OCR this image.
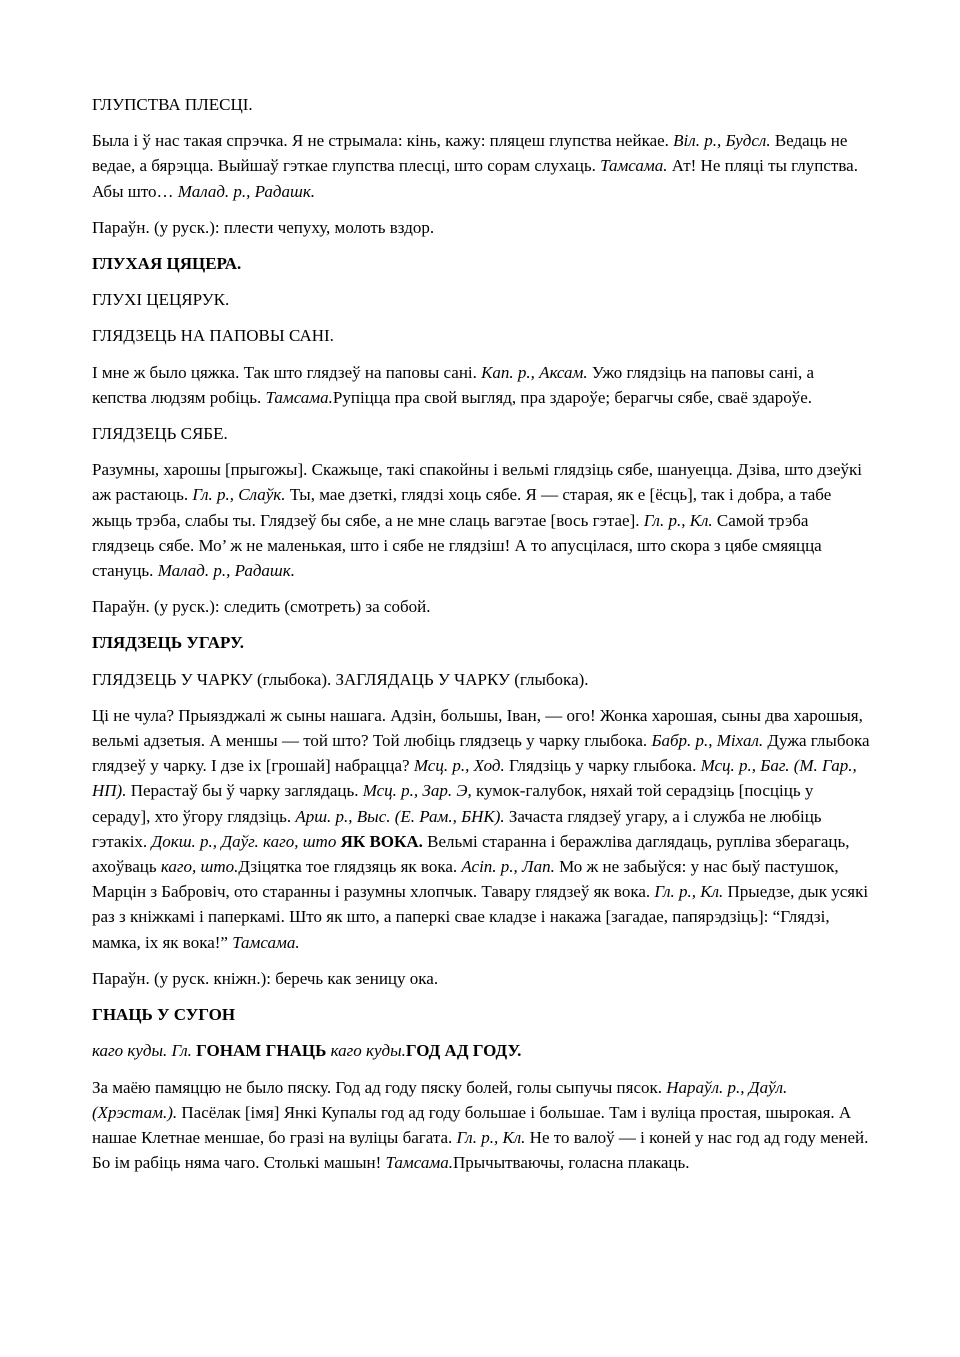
ГЛУПСТВА ПЛЕСЦІ.

Была і ў нас такая спрэчка. Я не стрымала: кінь, кажу: пляцеш глупства нейкае. Віл. р., Будсл. Ведаць не ведае, а бярэцца. Выйшаў гэткае глупства плесці, што сорам слухаць. Тамсама. Ат! Не пляці ты глупства. Абы што… Малад. р., Радашк.

Параўн. (у руск.): плести чепуху, молоть вздор.

ГЛУХАЯ ЦЯЦЕРА.

ГЛУХІ ЦЕЦЯРУК.

ГЛЯДЗЕЦЬ НА ПАПОВЫ САНІ.

І мне ж было цяжка. Так што глядзеў на паповы сані. Кап. р., Аксам. Ужо глядзіць на паповы сані, а кепства людзям робіць. Тамсама.Рупіцца пра свой выгляд, пра здароўе; берагчы сябе, сваё здароўе.

ГЛЯДЗЕЦЬ СЯБЕ.

Разумны, харошы [прыгожы]. Скажыце, такі спакойны і вельмі глядзіць сябе, шануецца. Дзіва, што дзеўкі аж растаюць. Гл. р., Слаўк. Ты, мае дзеткі, глядзі хоць сябе. Я — старая, як е [ёсць], так і добра, а табе жыць трэба, слабы ты. Глядзеў бы сябе, а не мне слаць вагэтае [вось гэтае]. Гл. р., Кл. Самой трэба глядзець сябе. Мо’ ж не маленькая, што і сябе не глядзіш! А то апусцілася, што скора з цябе смяяцца стануць. Малад. р., Радашк.

Параўн. (у руск.): следить (смотреть) за собой.

ГЛЯДЗЕЦЬ УГАРУ.

ГЛЯДЗЕЦЬ У ЧАРКУ (глыбока). ЗАГЛЯДАЦЬ У ЧАРКУ (глыбока).

Ці не чула? Прыязджалі ж сыны нашага. Адзін, большы, Іван, — ого! Жонка харошая, сыны два харошыя, вельмі адзетыя. А меншы — той што? Той любіць глядзець у чарку глыбока. Бабр. р., Міхал. Дужа глыбока глядзеў у чарку. І дзе іх [грошай] набрацца? Мсц. р., Ход. Глядзіць у чарку глыбока. Мсц. р., Баг. (М. Гар., НП). Перастаў бы ў чарку заглядаць. Мсц. р., Зар. Э, кумок-галубок, няхай той серадзіць [посціць у сераду], хто ўгору глядзіць. Арш. р., Выс. (Е. Рам., БНК). Зачаста глядзеў угару, а і служба не любіць гэтакіх. Докш. р., Даўг. каго, што ЯК ВОКА. Вельмі старанна і беражліва даглядаць, рупліва зберагаць, ахоўваць каго, што.Дзіцятка тое глядзяць як вока. Асіп. р., Лап. Мо ж не забыўся: у нас быў пастушок, Марцін з Бабровіч, ото старанны і разумны хлопчык. Тавару глядзеў як вока. Гл. р., Кл. Прыедзе, дык усякі раз з кніжкамі і паперкамі. Што як што, а паперкі свае кладзе і накажа [загадае, папярэдзіць]: “Глядзі, мамка, іх як вока!” Тамсама.

Параўн. (у руск. кніжн.): беречь как зеницу ока.

ГНАЦЬ У СУГОН

каго куды. Гл. ГОНАМ ГНАЦЬ каго куды.ГОД АД ГОДУ.

За маёю памяццю не было пяску. Год ад году пяску болей, голы сыпучы пясок. Нараўл. р., Даўл. (Хрэстам.). Пасёлак [імя] Янкі Купалы год ад году большае і большае. Там і вуліца простая, шырокая. А нашае Клетнае меншае, бо гразі на вуліцы багата. Гл. р., Кл. Не то валоў — і коней у нас год ад году меней. Бо ім рабіць няма чаго. Столькі машын! Тамсама.Прычытваючы, голасна плакаць.
